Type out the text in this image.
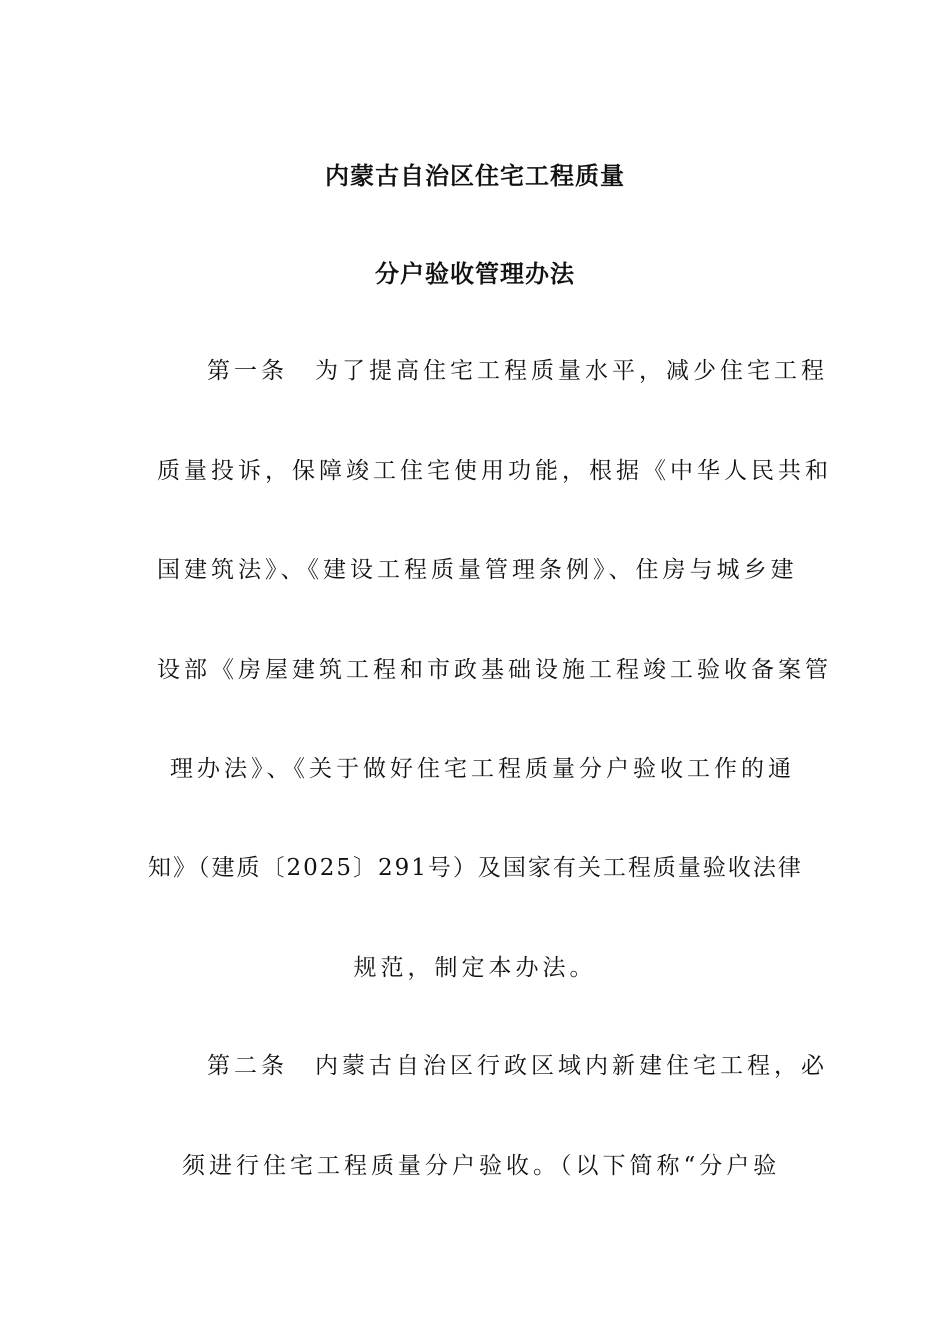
内蒙古自治区住宅工程质量
分户验收管理办法

第一条　为了提高住宅工程质量水平，减少住宅工程

质量投诉，保障竣工住宅使用功能，根据《中华人民共和

国建筑法》、《建设工程质量管理条例》、住房与城乡建

设部《房屋建筑工程和市政基础设施工程竣工验收备案管

理办法》、《关于做好住宅工程质量分户验收工作的通

知》（建质〔2025〕291号）及国家有关工程质量验收法律

规范，制定本办法。

第二条　内蒙古自治区行政区域内新建住宅工程，必

须进行住宅工程质量分户验收。（以下简称“分户验
